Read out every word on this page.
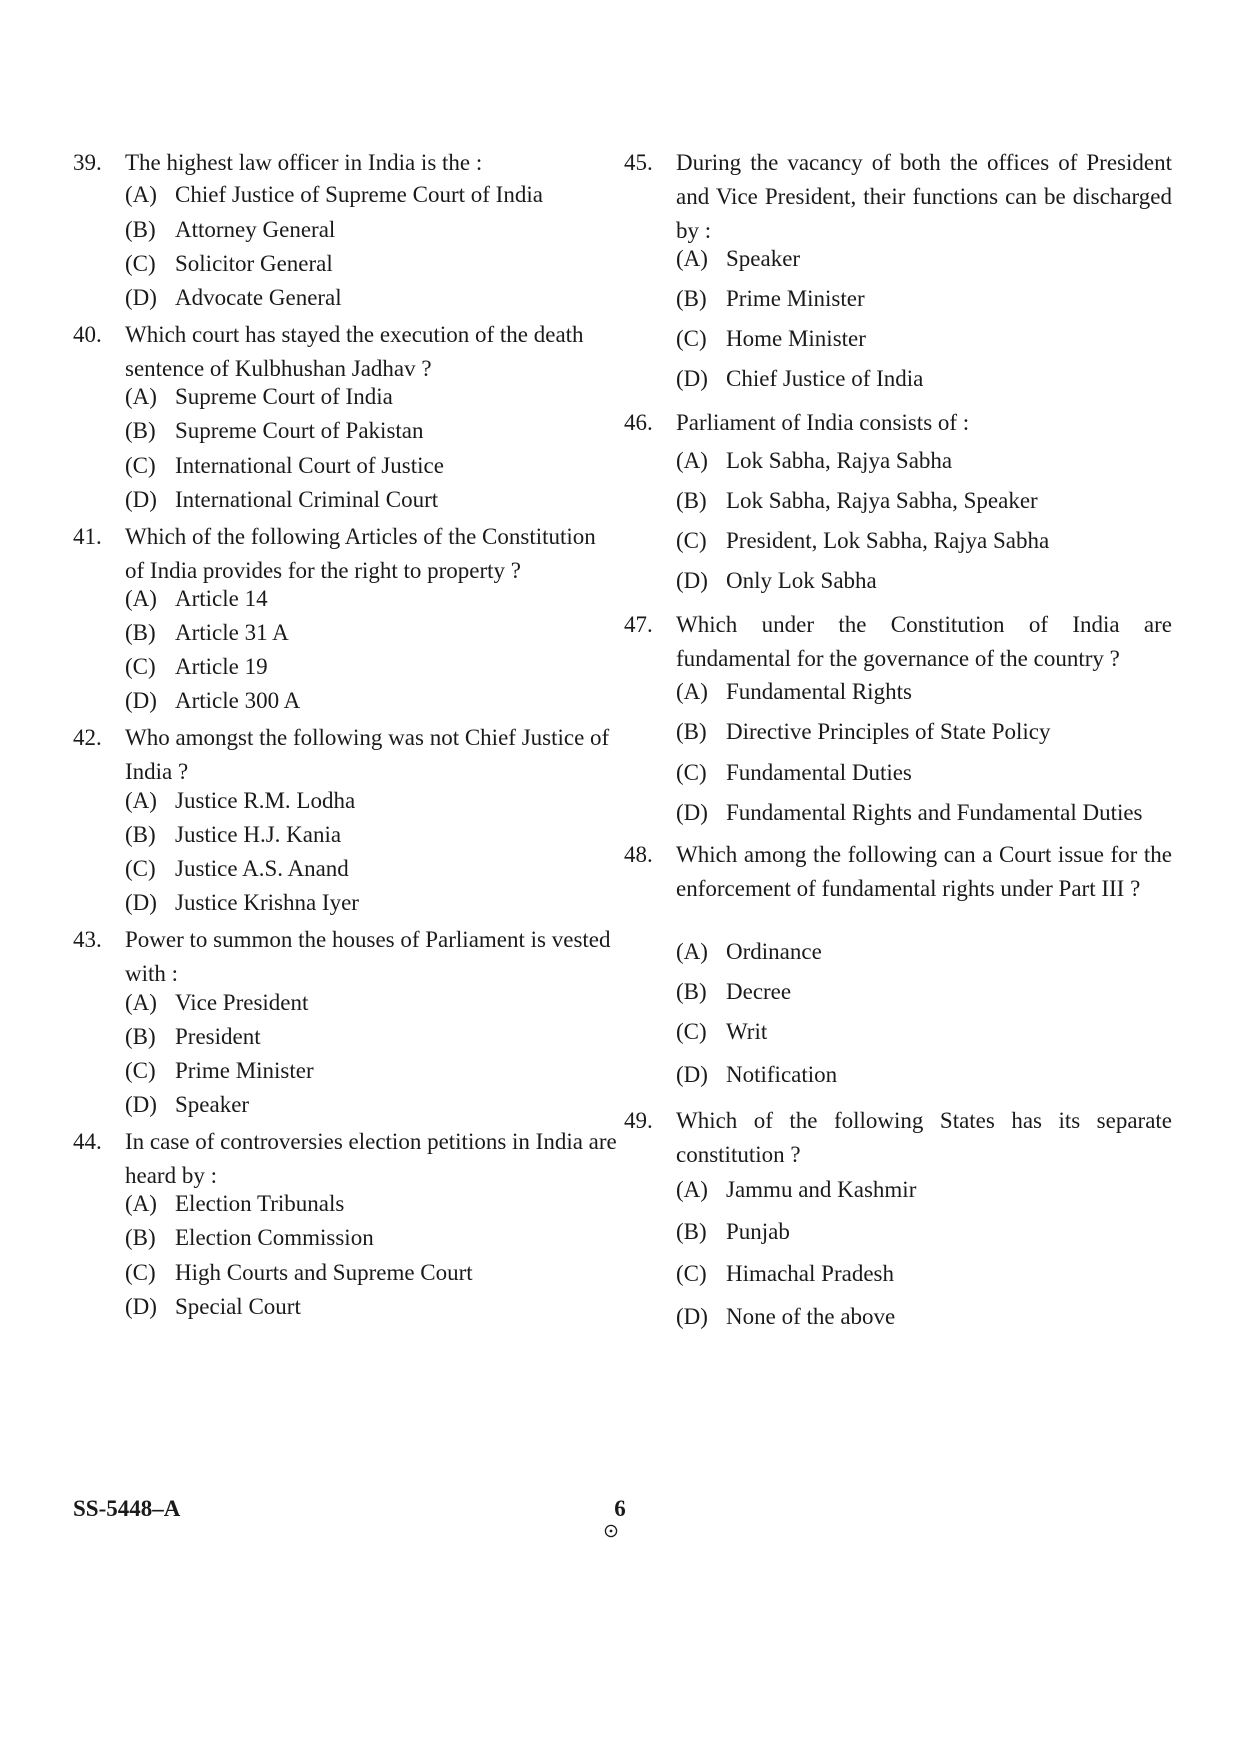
39. The highest law officer in India is the :
(A) Chief Justice of Supreme Court of India
(B) Attorney General
(C) Solicitor General
(D) Advocate General
40. Which court has stayed the execution of the death sentence of Kulbhushan Jadhav ?
(A) Supreme Court of India
(B) Supreme Court of Pakistan
(C) International Court of Justice
(D) International Criminal Court
41. Which of the following Articles of the Constitution of India provides for the right to property ?
(A) Article 14
(B) Article 31 A
(C) Article 19
(D) Article 300 A
42. Who amongst the following was not Chief Justice of India ?
(A) Justice R.M. Lodha
(B) Justice H.J. Kania
(C) Justice A.S. Anand
(D) Justice Krishna Iyer
43. Power to summon the houses of Parliament is vested with :
(A) Vice President
(B) President
(C) Prime Minister
(D) Speaker
44. In case of controversies election petitions in India are heard by :
(A) Election Tribunals
(B) Election Commission
(C) High Courts and Supreme Court
(D) Special Court
45. During the vacancy of both the offices of President and Vice President, their functions can be discharged by :
(A) Speaker
(B) Prime Minister
(C) Home Minister
(D) Chief Justice of India
46. Parliament of India consists of :
(A) Lok Sabha, Rajya Sabha
(B) Lok Sabha, Rajya Sabha, Speaker
(C) President, Lok Sabha, Rajya Sabha
(D) Only Lok Sabha
47. Which under the Constitution of India are fundamental for the governance of the country ?
(A) Fundamental Rights
(B) Directive Principles of State Policy
(C) Fundamental Duties
(D) Fundamental Rights and Fundamental Duties
48. Which among the following can a Court issue for the enforcement of fundamental rights under Part III ?
(A) Ordinance
(B) Decree
(C) Writ
(D) Notification
49. Which of the following States has its separate constitution ?
(A) Jammu and Kashmir
(B) Punjab
(C) Himachal Pradesh
(D) None of the above
SS-5448–A	6
